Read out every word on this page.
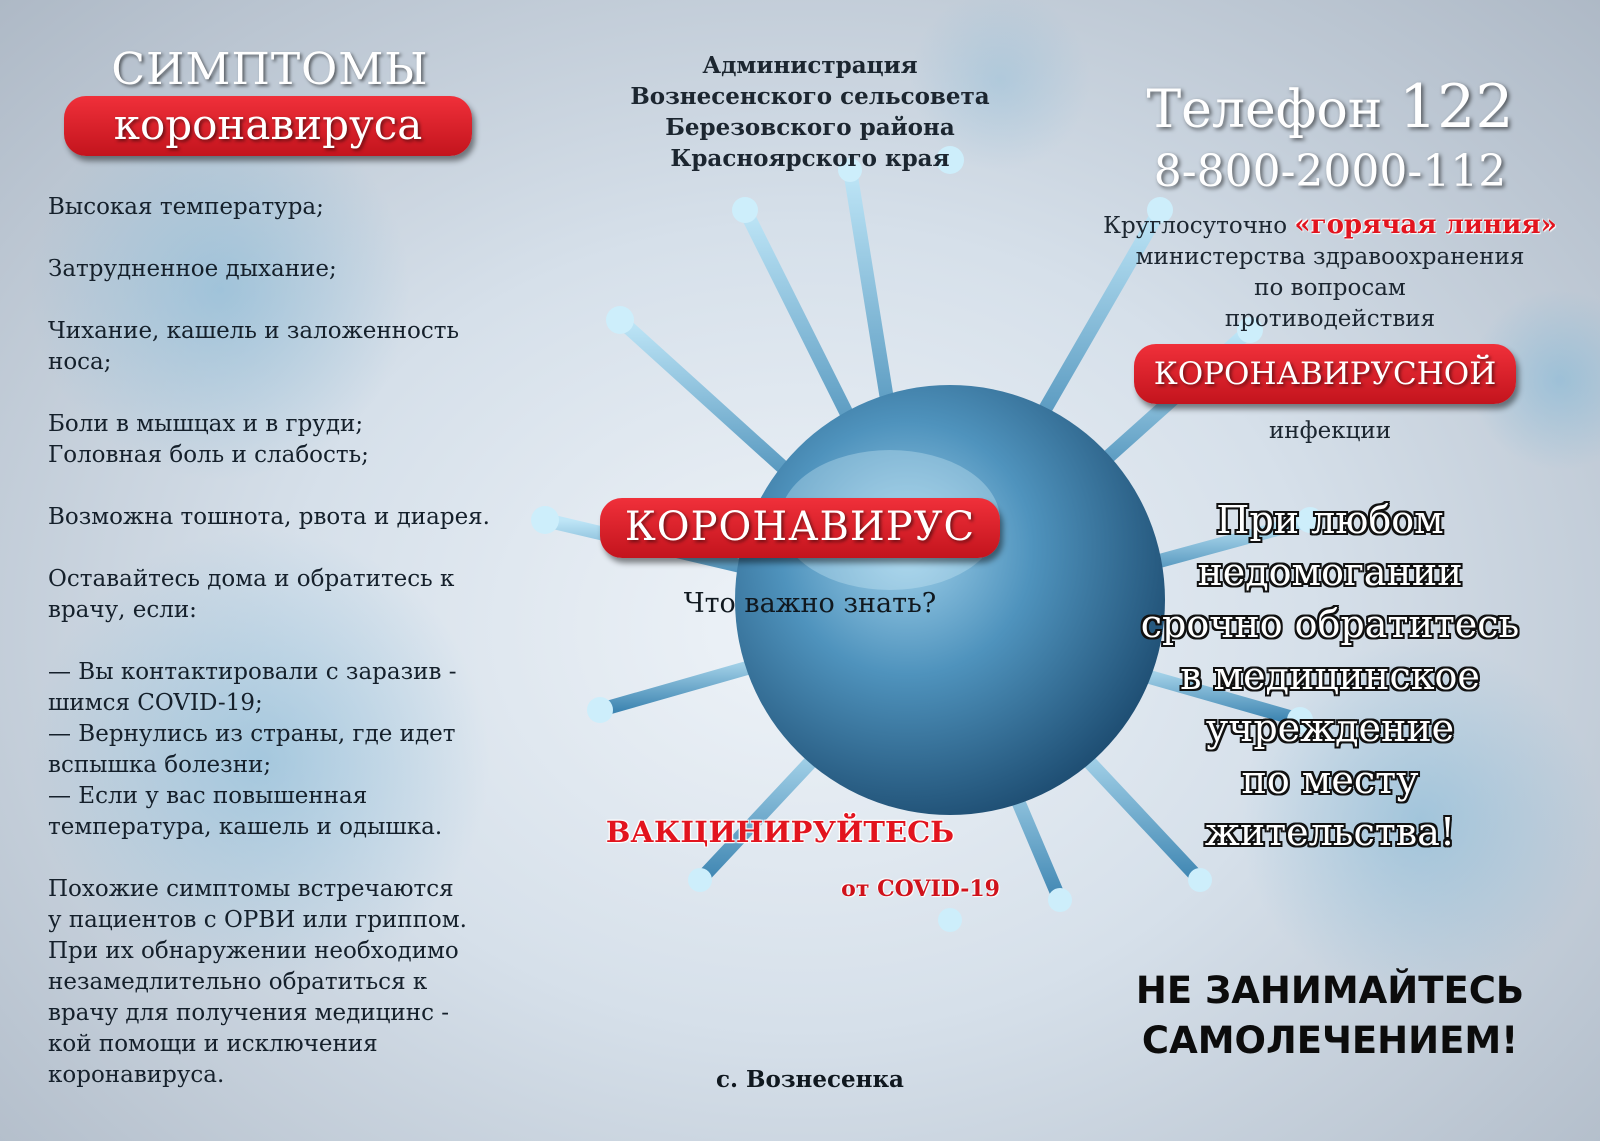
СИМПТОМЫ
коронавируса

Высокая температура;

Затрудненное дыхание;

Чихание, кашель и заложенность
носа;

Боли в мышцах и в груди;
Головная боль и слабость;

Возможна тошнота, рвота и диарея.

Оставайтесь дома и обратитесь к
врачу, если:

— Вы контактировали с заразив -
шимся COVID-19;
— Вернулись из страны, где идет
вспышка болезни;
— Если у вас повышенная
температура, кашель и одышка.

Похожие симптомы встречаются
у пациентов с ОРВИ или гриппом.
При их обнаружении необходимо
незамедлительно обратиться к
врачу для получения медицинс -
кой помощи и исключения
коронавируса.

Администрация
Вознесенского сельсовета
Березовского района
Красноярского края
КОРОНАВИРУС
Что важно знать?
ВАКЦИНИРУЙТЕСЬ
от COVID-19
с. Вознесенка
Телефон 122
8-800-2000-112
Круглосуточно «горячая линия»
министерства здравоохранения
по вопросам
противодействия
КОРОНАВИРУСНОЙ
инфекции
При любом
недомогании
срочно обратитесь
в медицинское
учреждение
по месту
жительства!
НЕ ЗАНИМАЙТЕСЬ
САМОЛЕЧЕНИЕМ!
